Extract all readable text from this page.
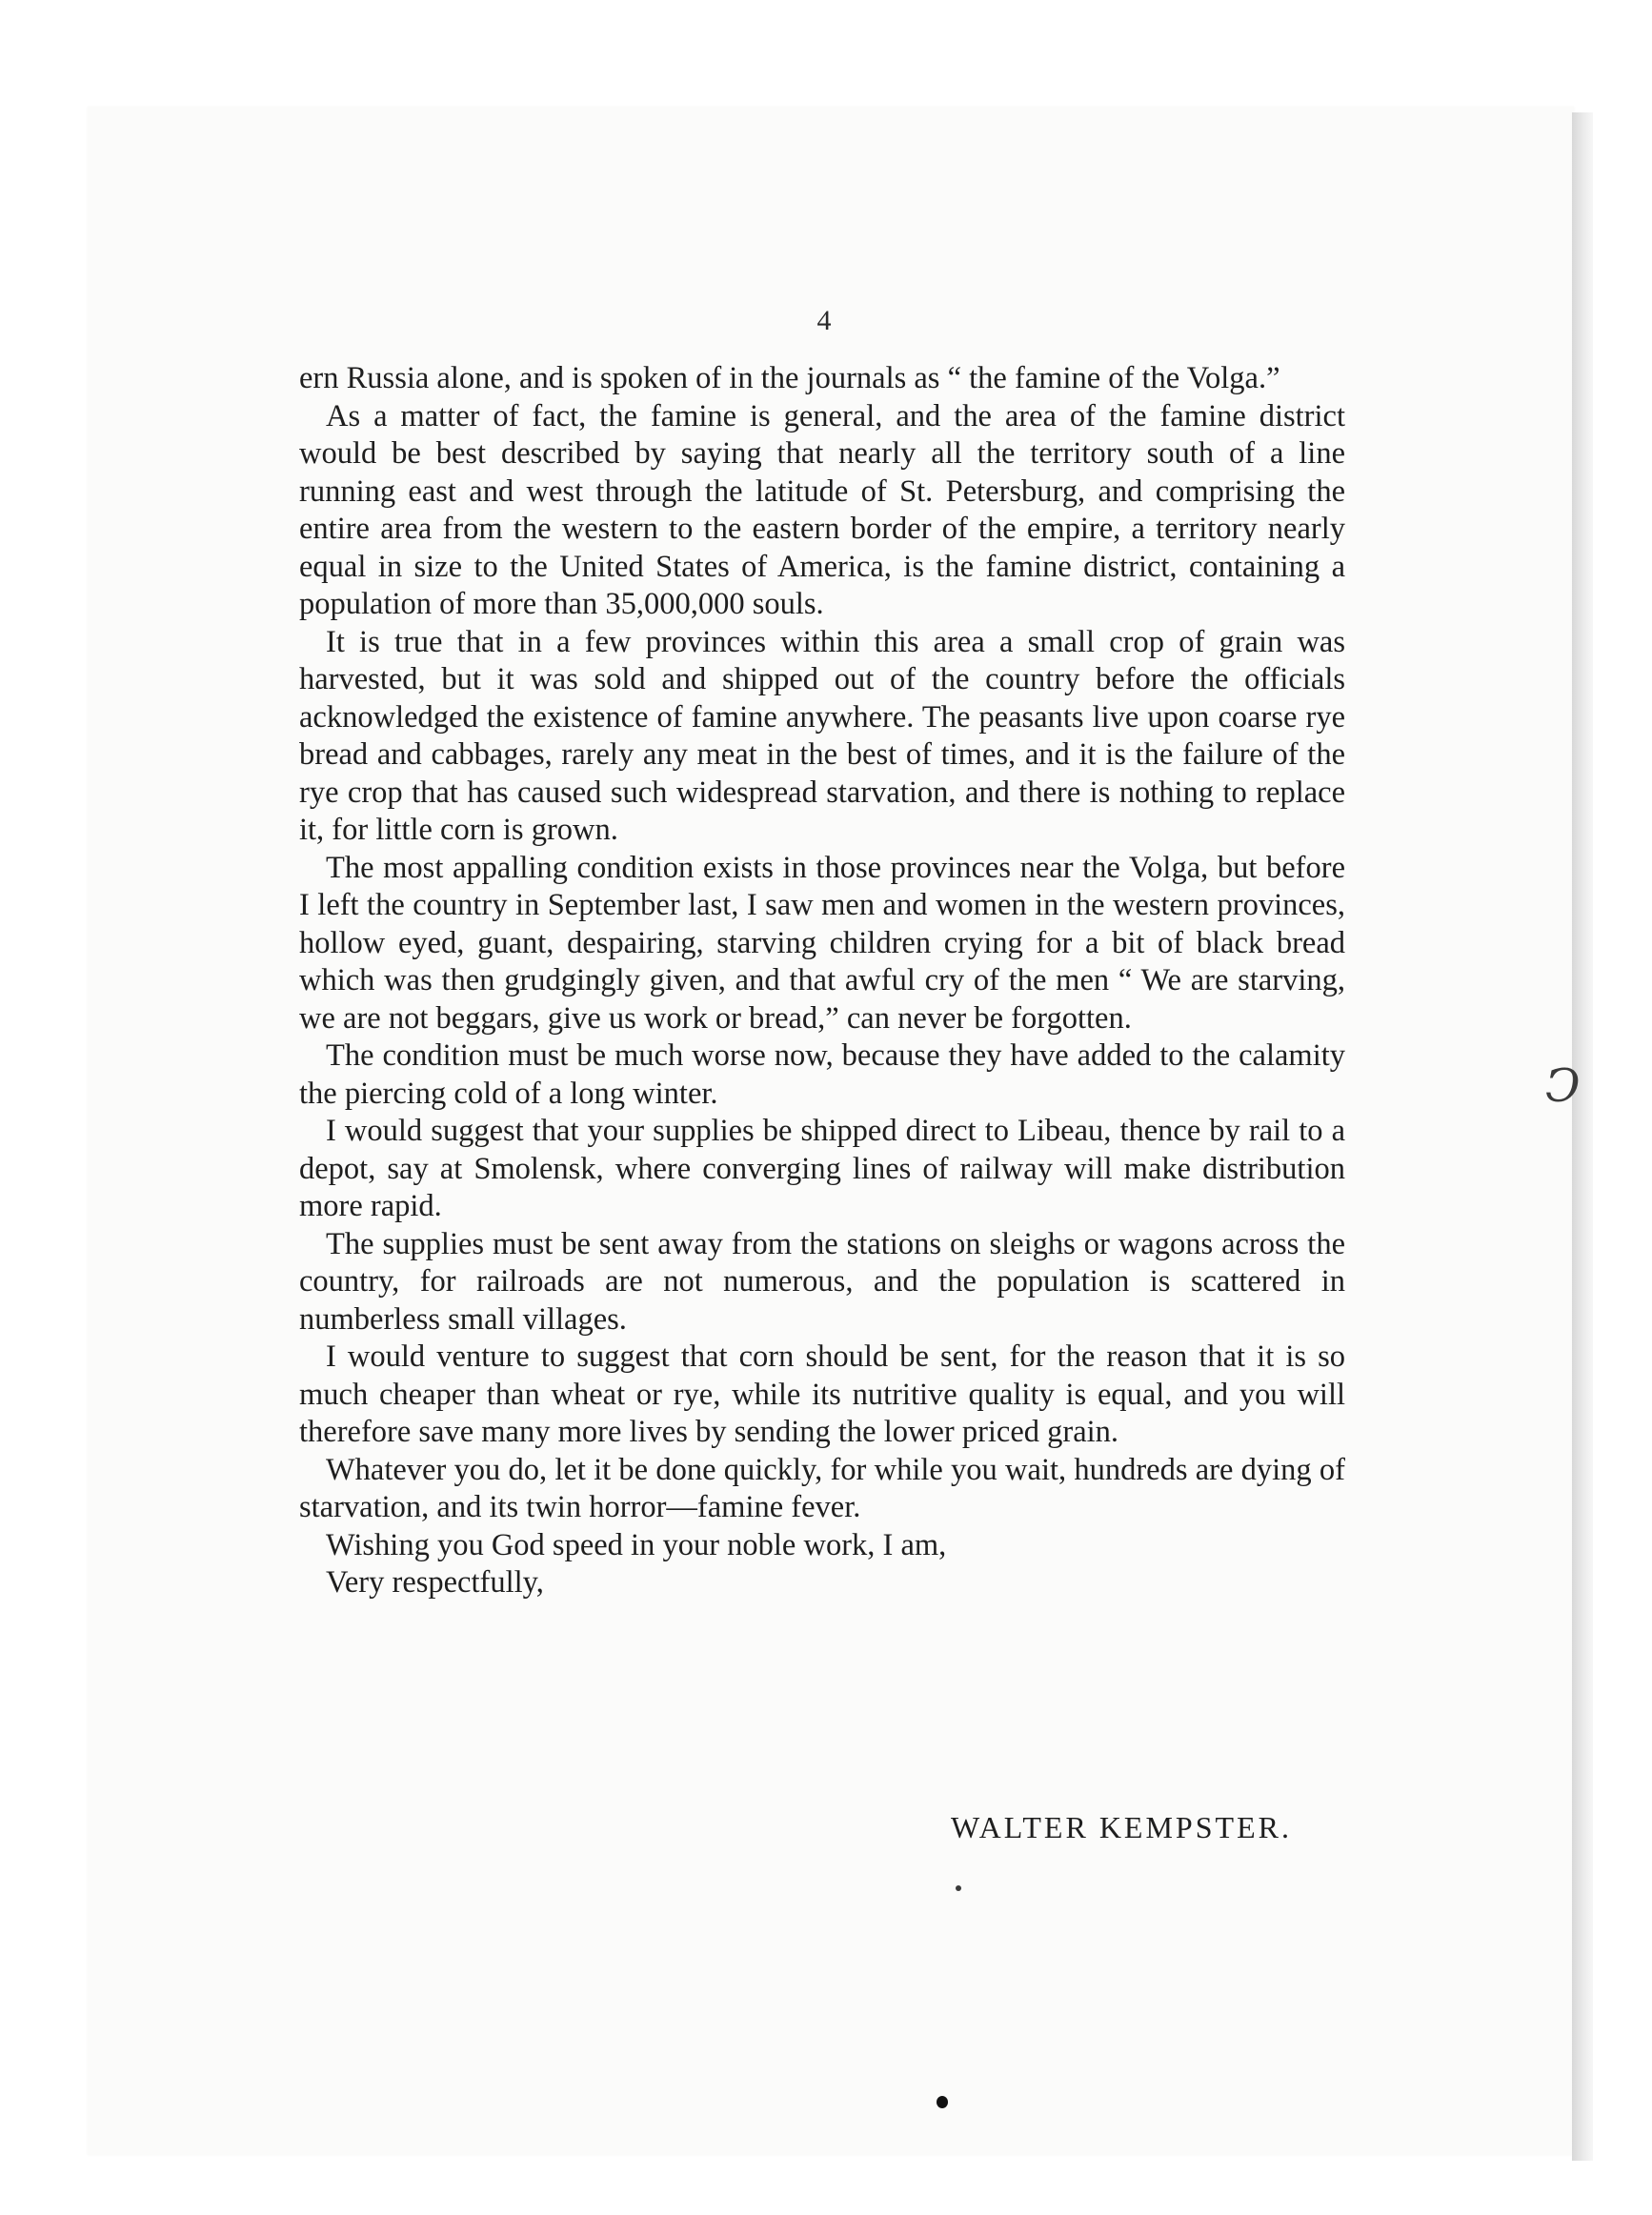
4

ern Russia alone, and is spoken of in the journals as “ the famine of the Volga.”

As a matter of fact, the famine is general, and the area of the famine district would be best described by saying that nearly all the territory south of a line running east and west through the latitude of St. Petersburg, and comprising the entire area from the western to the eastern border of the empire, a territory nearly equal in size to the United States of America, is the famine district, containing a population of more than 35,000,000 souls.

It is true that in a few provinces within this area a small crop of grain was harvested, but it was sold and shipped out of the country before the officials acknowledged the existence of famine anywhere. The peasants live upon coarse rye bread and cabbages, rarely any meat in the best of times, and it is the failure of the rye crop that has caused such widespread starvation, and there is nothing to replace it, for little corn is grown.

The most appalling condition exists in those provinces near the Volga, but before I left the country in September last, I saw men and women in the western provinces, hollow eyed, guant, despairing, starving children crying for a bit of black bread which was then grudgingly given, and that awful cry of the men “ We are starving, we are not beggars, give us work or bread,” can never be forgotten.

The condition must be much worse now, because they have added to the calamity the piercing cold of a long winter.

I would suggest that your supplies be shipped direct to Libeau, thence by rail to a depot, say at Smolensk, where converging lines of railway will make distribution more rapid.

The supplies must be sent away from the stations on sleighs or wagons across the country, for railroads are not numerous, and the population is scattered in numberless small villages.

I would venture to suggest that corn should be sent, for the reason that it is so much cheaper than wheat or rye, while its nutritive quality is equal, and you will therefore save many more lives by sending the lower priced grain.

Whatever you do, let it be done quickly, for while you wait, hundreds are dying of starvation, and its twin horror—famine fever.

Wishing you God speed in your noble work, I am,

Very respectfully,

WALTER KEMPSTER.
Ↄ
